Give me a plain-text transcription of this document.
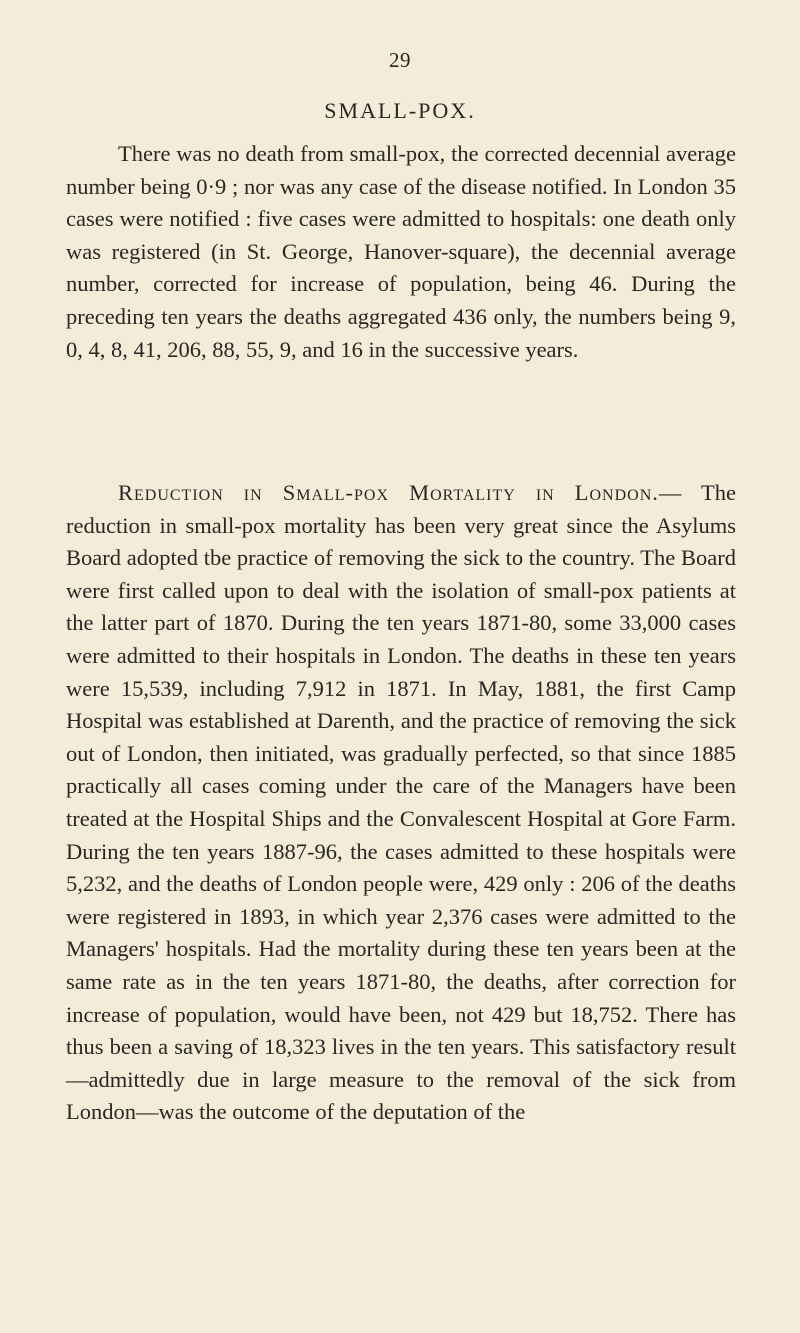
29
SMALL-POX.

There was no death from small-pox, the corrected decennial average number being 0·9 ; nor was any case of the disease notified. In London 35 cases were notified : five cases were admitted to hospitals: one death only was registered (in St. George, Hanover-square), the decennial average number, corrected for increase of population, being 46. During the preceding ten years the deaths aggregated 436 only, the numbers being 9, 0, 4, 8, 41, 206, 88, 55, 9, and 16 in the successive years.

Reduction in Small-pox Mortality in London.— The reduction in small-pox mortality has been very great since the Asylums Board adopted tbe practice of removing the sick to the country. The Board were first called upon to deal with the isolation of small-pox patients at the latter part of 1870. During the ten years 1871-80, some 33,000 cases were admitted to their hospitals in London. The deaths in these ten years were 15,539, including 7,912 in 1871. In May, 1881, the first Camp Hospital was established at Darenth, and the practice of removing the sick out of London, then initiated, was gradually perfected, so that since 1885 practically all cases coming under the care of the Managers have been treated at the Hospital Ships and the Convalescent Hospital at Gore Farm. During the ten years 1887-96, the cases admitted to these hospitals were 5,232, and the deaths of London people were, 429 only : 206 of the deaths were registered in 1893, in which year 2,376 cases were admitted to the Managers' hospitals. Had the mortality during these ten years been at the same rate as in the ten years 1871-80, the deaths, after correction for increase of population, would have been, not 429 but 18,752. There has thus been a saving of 18,323 lives in the ten years. This satisfactory result—admittedly due in large measure to the removal of the sick from London—was the outcome of the deputation of the
